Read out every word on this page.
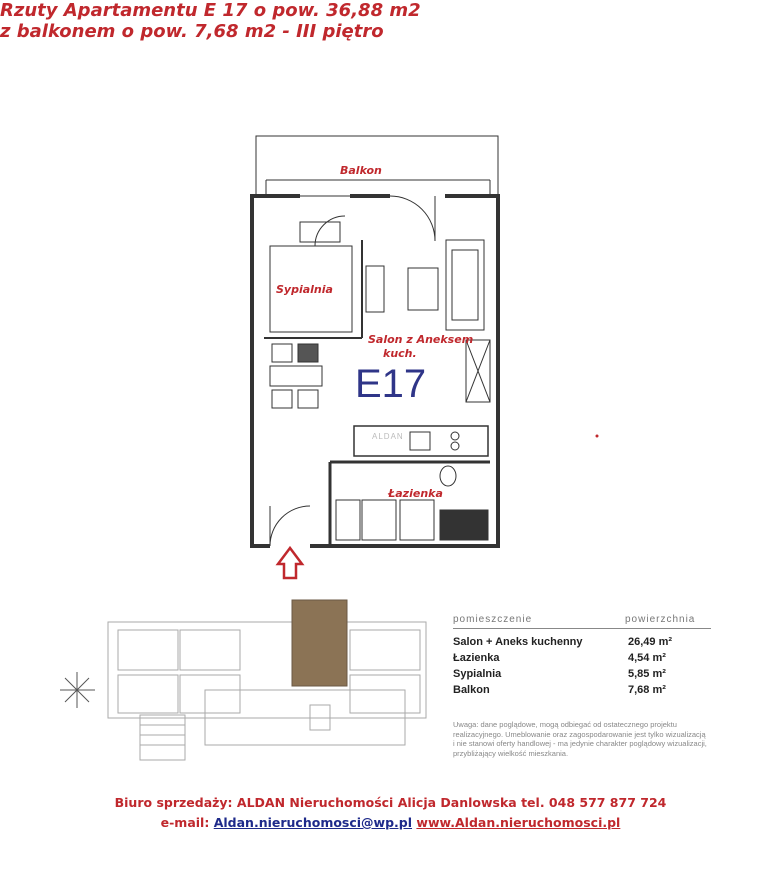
Rzuty Apartamentu E 17 o pow. 36,88 m2
z balkonem o pow. 7,68 m2 - III piętro
Balkon
Sypialnia
Salon z Aneksem
kuch.
Łazienka
E17
ALDAN
pomieszczenie	powierzchnia
Salon + Aneks kuchenny	26,49 m²
Łazienka	4,54 m²
Sypialnia	5,85 m²
Balkon	7,68 m²
Uwaga: dane poglądowe, mogą odbiegać od ostatecznego projektu realizacyjnego. Umeblowanie oraz zagospodarowanie jest tylko wizualizacją i nie stanowi oferty handlowej - ma jedynie charakter poglądowy wizualizacji, przybliżający wielkość mieszkania.
Biuro sprzedaży: ALDAN Nieruchomości Alicja Danlowska tel. 048 577 877 724
e-mail: Aldan.nieruchomosci@wp.pl www.Aldan.nieruchomosci.pl
